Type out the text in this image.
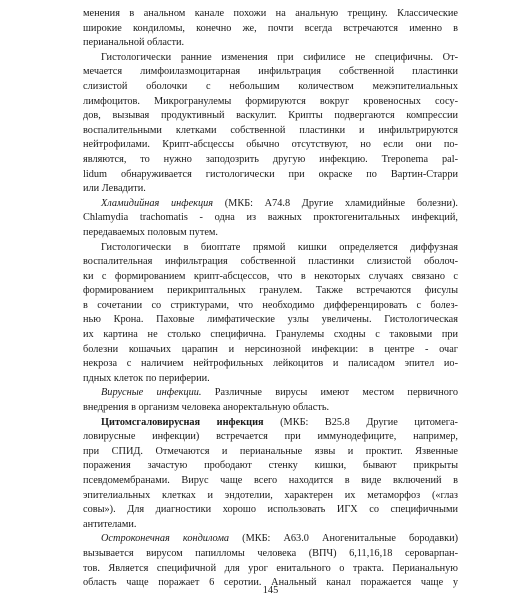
менения в анальном канале похожи на анальную трещину. Классические
широкие кондиломы, конечно же, почти всегда встречаются именно в
перианальной области.
Гистологически ранние изменения при сифилисе не специфичны. От-
мечается лимфоилазмоцитарная инфильтрация собственной пластинки
слизистой оболочки с небольшим количеством межэпителиальных
лимфоцитов. Микрогранулемы формируются вокруг кровеносных сосу-
дов, вызывая продуктивный васкулит. Крипты подвергаются компрессии
воспалительными клетками собственной пластинки и инфильтрируются
нейтрофилами. Крипт-абсцессы обычно отсутствуют, но если они по-
являются, то нужно заподозрить другую инфекцию. Treponema pal-
lidum обнаруживается гистологически при окраске по Вартин-Старри
или Левадити.
Хламидийная инфекция (МКБ: А74.8 Другие хламидийные болезни).
Chlamydia trachomatis - одна из важных проктогенитальных инфекций,
передаваемых половым путем.
Гистологически в биоптате прямой кишки определяется диффузная
воспалительная инфильтрация собственной пластинки слизистой оболоч-
ки с формированием крипт-абсцессов, что в некоторых случаях связано с
формированием перикриптальных гранулем. Также встречаются фисулы
в сочетании со стриктурами, что необходимо дифференцировать с болез-
нью Крона. Паховые лимфатические узлы увеличены. Гистологическая
их картина не столько специфична. Гранулемы сходны с таковыми при
болезни кошачьих царапин и нерсинозной инфекции: в центре - очаг
некроза с наличием нейтрофильных лейкоцитов и палисадом эпител ио-
пдных клеток по периферии.
Вирусные инфекции. Различные вирусы имеют местом первичного
внедрения в организм человека аноректальную область.
Цитомсгаловирусная инфекция (МКБ: В25.8 Другие цитомега-
ловирусные инфекции) встречается при иммунодефиците, например,
при СПИД. Отмечаются и перианальные язвы и проктит. Язвенные
поражения зачастую прободают стенку кишки, бывают прикрыты
псевдомембранами. Вирус чаще всего находится в виде включений в
эпителиальных клетках и эндотелии, характерен их метаморфоз («глаз
совы»). Для диагностики хорошо использовать ИГХ со специфичными
антителами.
Остроконечная кондилома (МКБ: А63.0 Аногенитальные бородавки)
вызывается вирусом папилломы человека (ВПЧ) 6,11,16,18 сероварпан-
тов. Является специфичной для урог енитального о тракта. Перианальную
область чаще поражает 6 серотии. Анальный канал поражается чаще у
145
